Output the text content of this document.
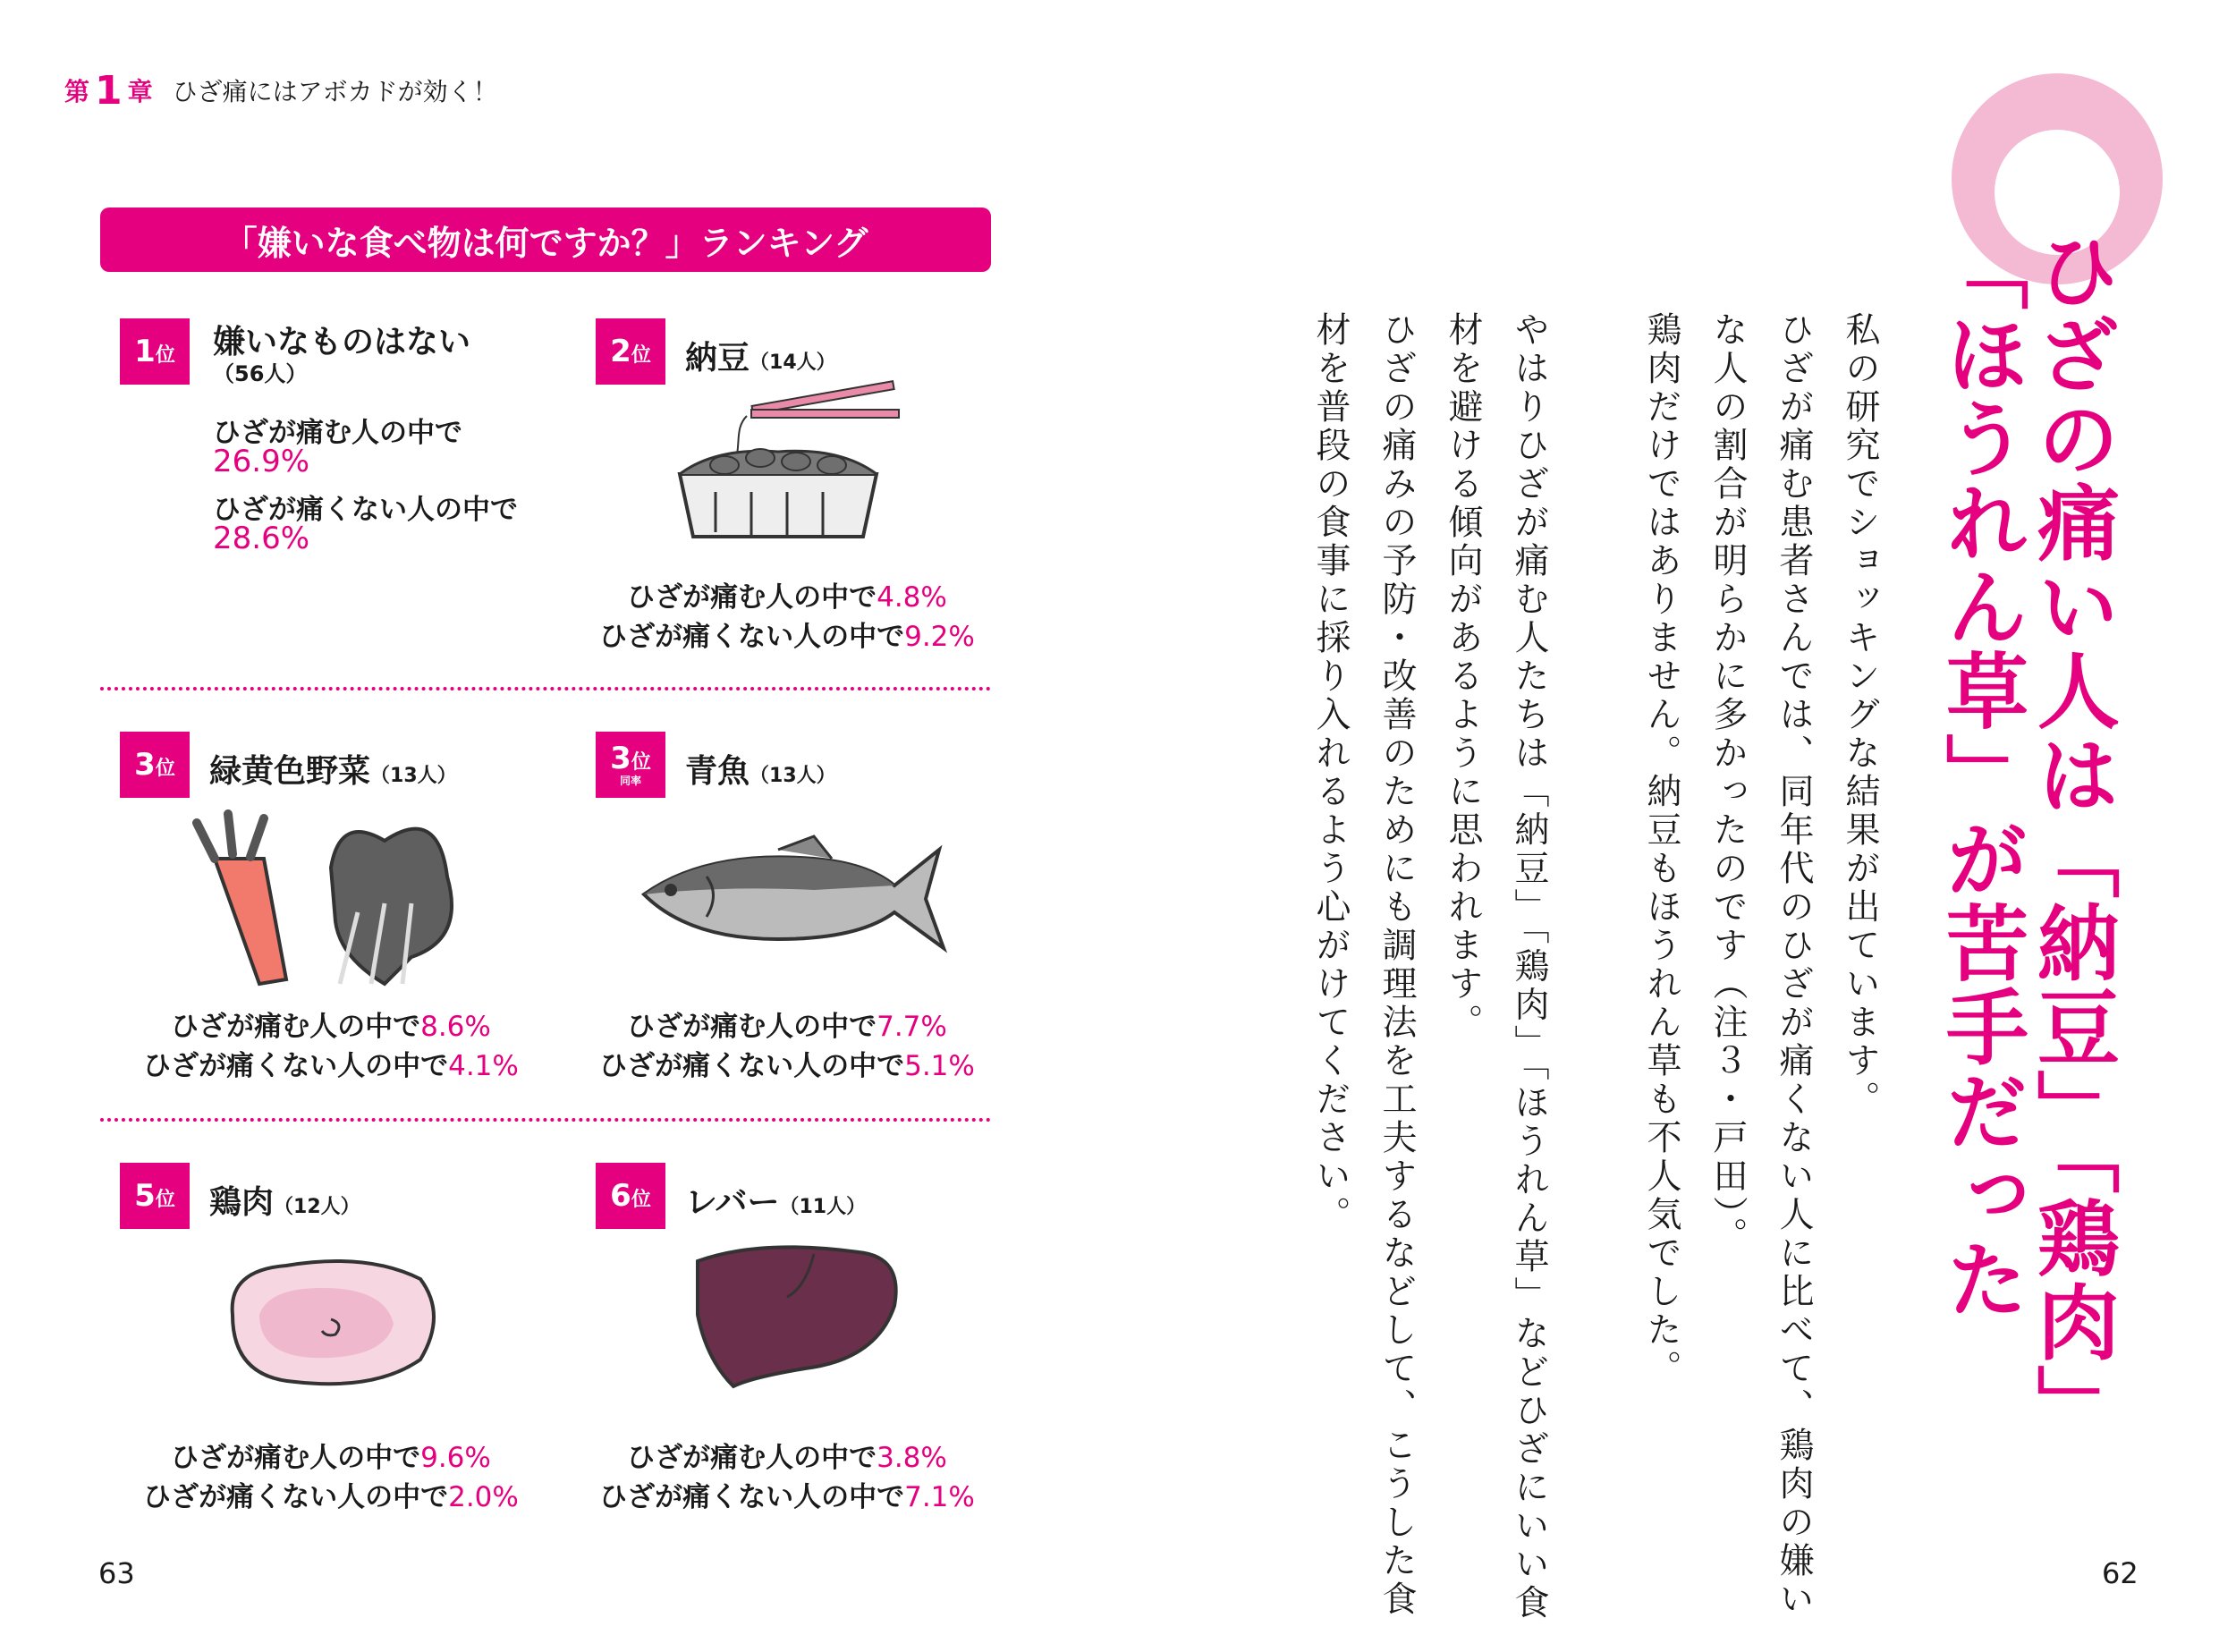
第 1 章 ひざ痛にはアボカドが効く！
「嫌いな食べ物は何ですか？」ランキング
1位 嫌いなものはない
（56人）
ひざが痛む人の中で
26.9%
ひざが痛くない人の中で
28.6%
2位 納豆（14人）
ひざが痛む人の中で4.8%
ひざが痛くない人の中で9.2%
3位 緑黄色野菜（13人）
ひざが痛む人の中で8.6%
ひざが痛くない人の中で4.1%
3位
同率 青魚（13人）
ひざが痛む人の中で7.7%
ひざが痛くない人の中で5.1%
5位 鶏肉（12人）
ひざが痛む人の中で9.6%
ひざが痛くない人の中で2.0%
6位 レバー（11人）
ひざが痛む人の中で3.8%
ひざが痛くない人の中で7.1%
63	62
ひざの痛い人は「納豆」「鶏肉」
「ほうれん草」が苦手だった
私の研究でショッキングな結果が出ています。
ひざが痛む患者さんでは、同年代のひざが痛くない人に比べて、鶏肉の嫌い
な人の割合が明らかに多かったのです（注３・戸田）。
鶏肉だけではありません。納豆もほうれん草も不人気でした。
やはりひざが痛む人たちは「納豆」「鶏肉」「ほうれん草」などひざにいい食
材を避ける傾向があるように思われます。
ひざの痛みの予防・改善のためにも調理法を工夫するなどして、こうした食
材を普段の食事に採り入れるよう心がけてください。
